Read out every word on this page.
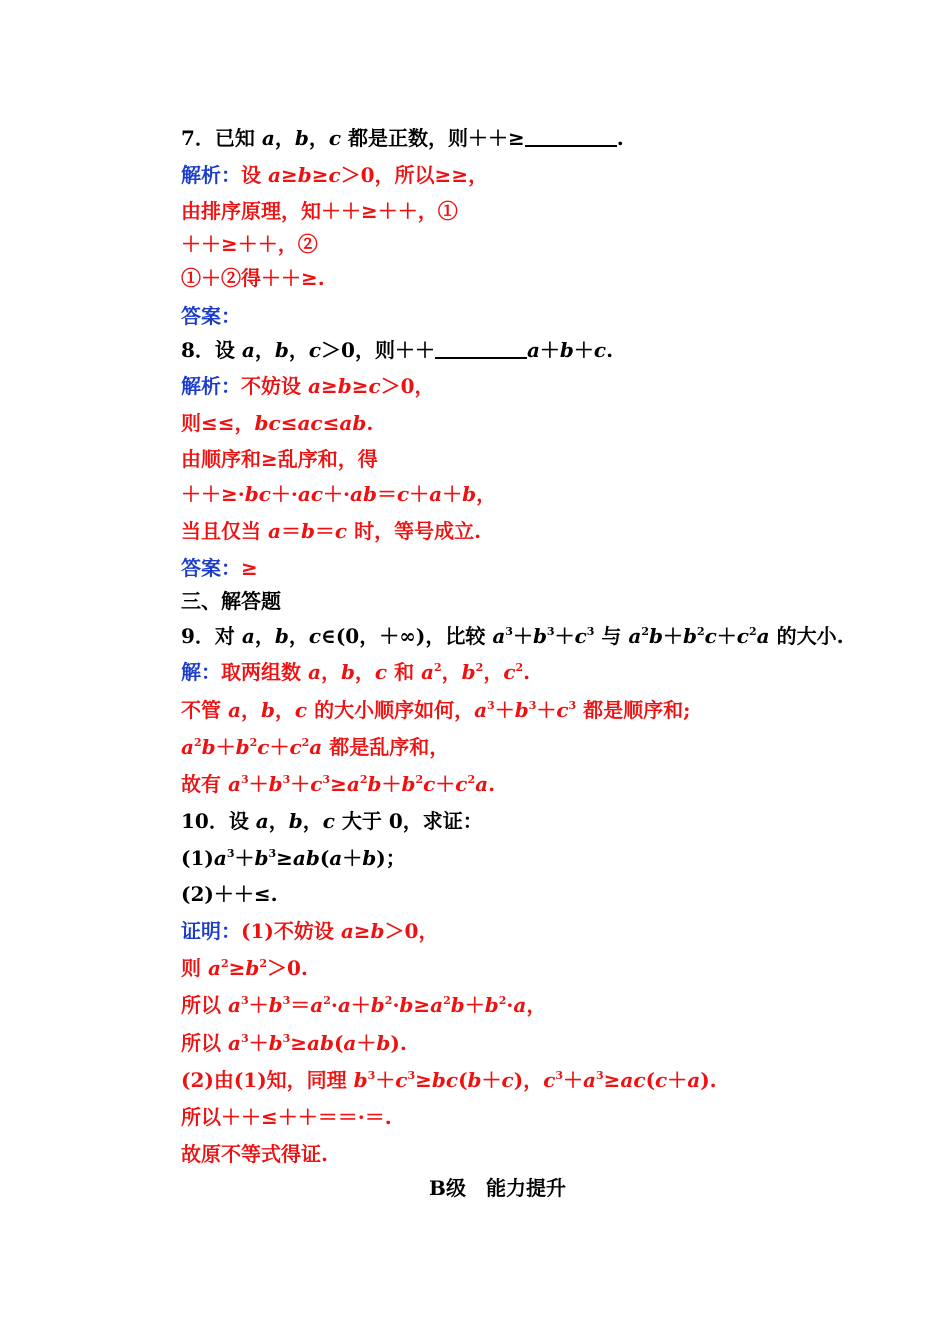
7．已知 a，b，c 都是正数，则＋＋≥	.
解析：设 a≥b≥c＞0，所以≥≥，
由排序原理，知＋＋≥＋＋，①
＋＋≥＋＋，②
①＋②得＋＋≥.
答案：
8．设 a，b，c＞0，则＋＋	a＋b＋c.
解析：不妨设 a≥b≥c＞0，
则≤≤，bc≤ac≤ab.
由顺序和≥乱序和，得
＋＋≥·bc＋·ac＋·ab＝c＋a＋b，
当且仅当 a＝b＝c 时，等号成立.
答案：≥
三、解答题
9．对 a，b，c∈(0，＋∞)，比较 $a^3+b^3+c^3$ 与 $a^2b+b^2c+c^2a$ 的大小.
解：取两组数 a，b，c 和 $a^2$，$b^2$，$c^2$.
不管 a，b，c 的大小顺序如何，$a^3+b^3+c^3$ 都是顺序和;
$a^2b+b^2c+c^2a$ 都是乱序和，
故有 $a^3+b^3+c^3\ge a^2b+b^2c+c^2a$.
10．设 a，b，c 大于 0，求证：
$(1)a^3+b^3\ge ab(a+b)$；
(2)＋＋≤.
证明：(1)不妨设 a≥b＞0，
则 $a^2\ge b^2>0$.
所以 $a^3+b^3=a^2\cdot a+b^2\cdot b\ge a^2b+b^2\cdot a$，
所以 $a^3+b^3\ge ab(a+b)$.
(2)由(1)知，同理 $b^3+c^3\ge bc(b+c)$，$c^3+a^3\ge ac(c+a)$.
所以＋＋≤＋＋＝＝·＝.
故原不等式得证.
B级　能力提升
